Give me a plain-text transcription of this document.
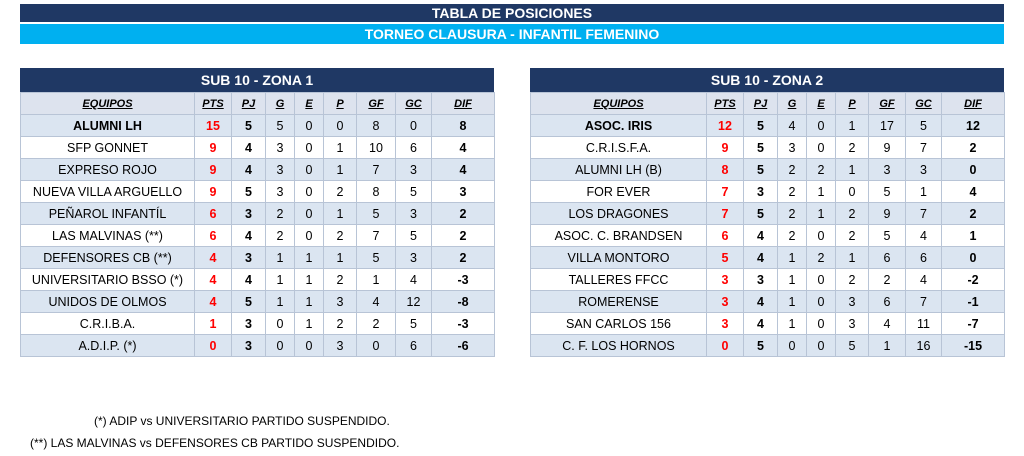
TABLA DE POSICIONES
TORNEO CLAUSURA - INFANTIL FEMENINO
SUB 10 - ZONA 1
EQUIPOS	PTS	PJ	G	E	P	GF	GC	DIF
ALUMNI LH	15	5	5	0	0	8	0	8
SFP GONNET	9	4	3	0	1	10	6	4
EXPRESO ROJO	9	4	3	0	1	7	3	4
NUEVA VILLA ARGUELLO	9	5	3	0	2	8	5	3
PEÑAROL INFANTÍL	6	3	2	0	1	5	3	2
LAS MALVINAS (**)	6	4	2	0	2	7	5	2
DEFENSORES CB (**)	4	3	1	1	1	5	3	2
UNIVERSITARIO BSSO (*)	4	4	1	1	2	1	4	-3
UNIDOS DE OLMOS	4	5	1	1	3	4	12	-8
C.R.I.B.A.	1	3	0	1	2	2	5	-3
A.D.I.P. (*)	0	3	0	0	3	0	6	-6
SUB 10 - ZONA 2
EQUIPOS	PTS	PJ	G	E	P	GF	GC	DIF
ASOC. IRIS	12	5	4	0	1	17	5	12
C.R.I.S.F.A.	9	5	3	0	2	9	7	2
ALUMNI LH (B)	8	5	2	2	1	3	3	0
FOR EVER	7	3	2	1	0	5	1	4
LOS DRAGONES	7	5	2	1	2	9	7	2
ASOC. C. BRANDSEN	6	4	2	0	2	5	4	1
VILLA MONTORO	5	4	1	2	1	6	6	0
TALLERES FFCC	3	3	1	0	2	2	4	-2
ROMERENSE	3	4	1	0	3	6	7	-1
SAN CARLOS 156	3	4	1	0	3	4	11	-7
C. F. LOS HORNOS	0	5	0	0	5	1	16	-15
(*) ADIP vs UNIVERSITARIO PARTIDO SUSPENDIDO.
(**) LAS MALVINAS vs DEFENSORES CB PARTIDO SUSPENDIDO.
